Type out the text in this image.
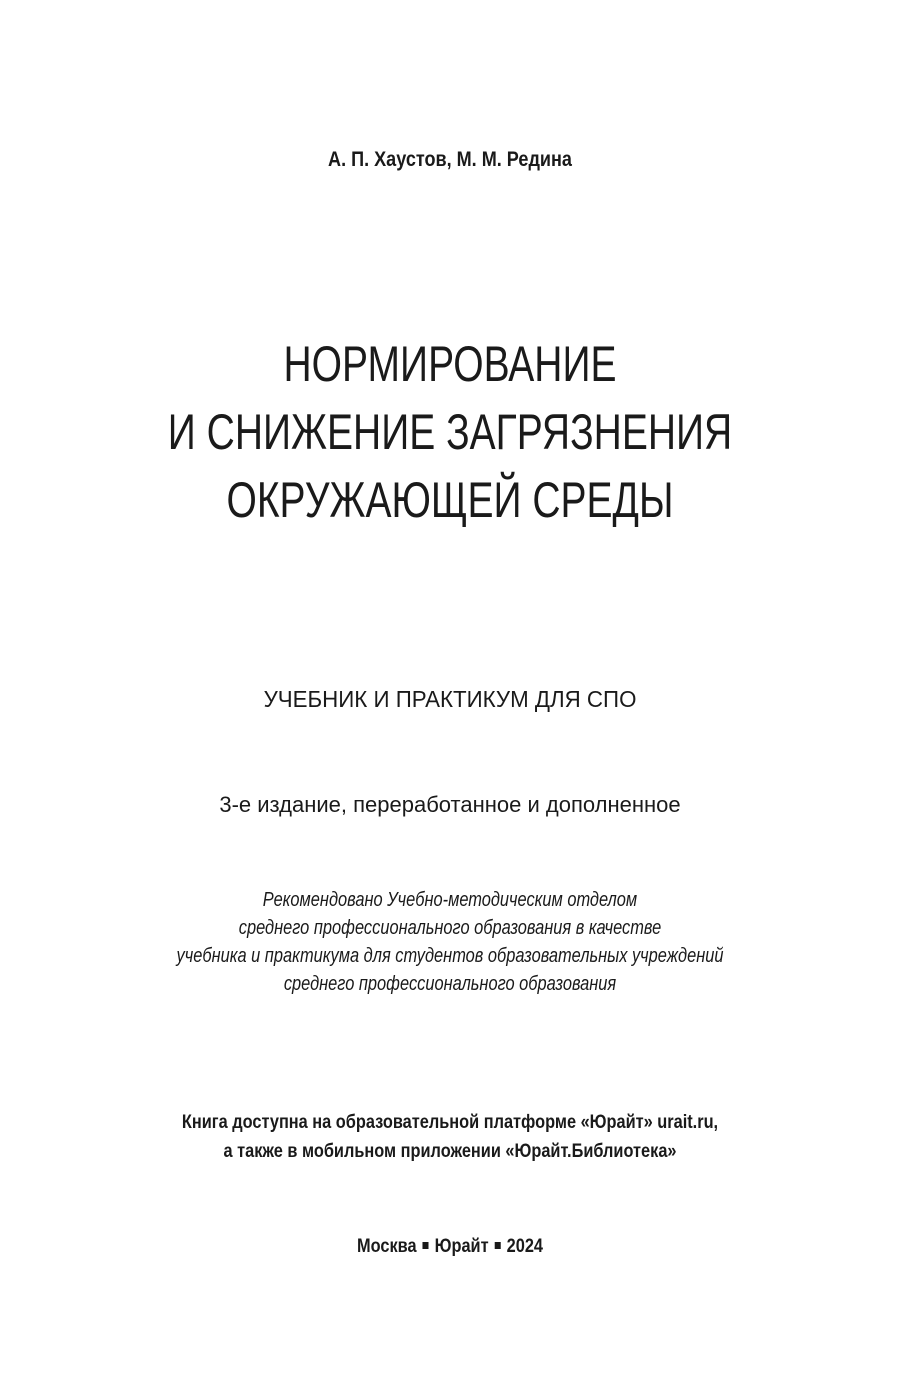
А. П. Хаустов, М. М. Редина
НОРМИРОВАНИЕ
И СНИЖЕНИЕ ЗАГРЯЗНЕНИЯ
ОКРУЖАЮЩЕЙ СРЕДЫ
УЧЕБНИК И ПРАКТИКУМ ДЛЯ СПО
3-е издание, переработанное и дополненное
Рекомендовано Учебно-методическим отделом
среднего профессионального образования в качестве
учебника и практикума для студентов образовательных учреждений
среднего профессионального образования
Книга доступна на образовательной платформе «Юрайт» urait.ru,
а также в мобильном приложении «Юрайт.Библиотека»
Москва Юрайт 2024
